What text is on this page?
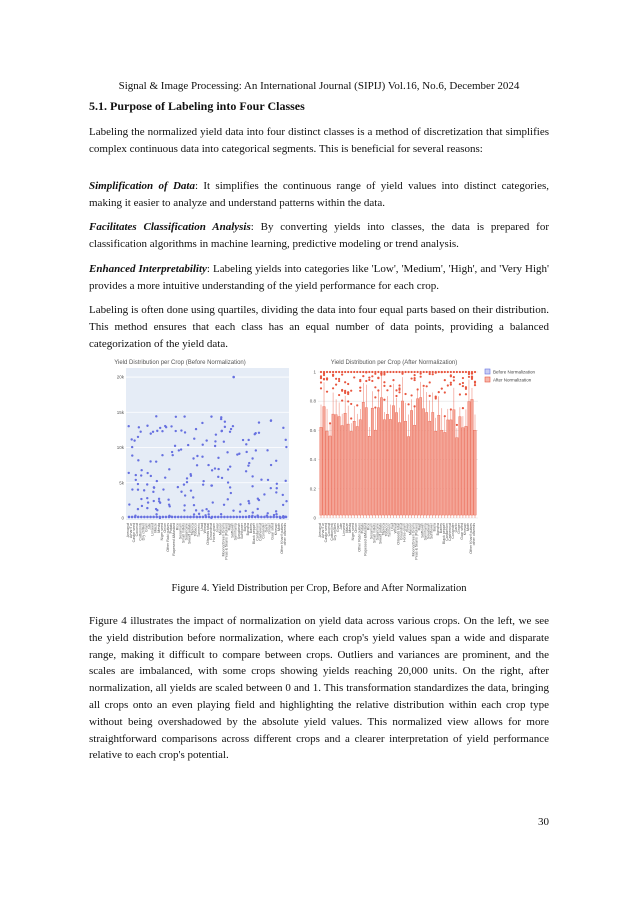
Signal & Image Processing: An International Journal (SIPIJ) Vol.16, No.6, December 2024
5.1. Purpose of Labeling into Four Classes

Labeling the normalized yield data into four distinct classes is a method of discretization that simplifies complex continuous data into categorical segments. This is beneficial for several reasons:

Simplification of Data: It simplifies the continuous range of yield values into distinct categories, making it easier to analyze and understand patterns within the data.

Facilitates Classification Analysis: By converting yields into classes, the data is prepared for classification algorithms in machine learning, predictive modeling or trend analysis.

Enhanced Interpretability: Labeling yields into categories like 'Low', 'Medium', 'High', and 'Very High' provides a more intuitive understanding of the yield performance for each crop.

Labeling is often done using quartiles, dividing the data into four equal parts based on their distribution. This method ensures that each class has an equal number of data points, providing a balanced categorization of the yield data.

Yield Distribution per Crop (Before Normalization)
0
5k
10k
15k
20k
Arecanut Arhar/Tur Castor seed Coconut Cotton(lint) Dry chillies Gram Jute Linseed Maize Mesta Niger seed Onion Other Rabi pulses Potato Rapeseed &Mustard Rice Sesamum Small millets Sugarcane Sweet potato Tapioca Tobacco Turmeric Urad Wheat Oilseeds total Groundnut Horse-gram Jowar Masoor Moong(Green Gram) Peas & beans (Pulses) Ragi Safflower Sannhamp Soyabean Sunflower Bajra Banana Barley Black pepper Cardamom Cashewnut Coriander Garlic Ginger Guar seed Khesari Moth Other Kharif pulses other oilseeds
Yield Distribution per Crop (After Normalization)
0
0.2
0.4
0.6
0.8
1
Arecanut Arhar/Tur Castor seed Coconut Cotton(lint) Dry chillies Gram Jute Linseed Maize Mesta Niger seed Onion Other Rabi pulses Potato Rapeseed &Mustard Rice Sesamum Small millets Sugarcane Sweet potato Tapioca Tobacco Turmeric Urad Wheat Oilseeds total Groundnut Horse-gram Jowar Masoor Moong(Green Gram) Peas & beans (Pulses) Ragi Safflower Sannhamp Soyabean Sunflower Bajra Banana Barley Black pepper Cardamom Cashewnut Coriander Garlic Ginger Guar seed Khesari Moth Other Kharif pulses other oilseeds
Before Normalization
After Normalization
Figure 4. Yield Distribution per Crop, Before and After Normalization

Figure 4 illustrates the impact of normalization on yield data across various crops. On the left, we see the yield distribution before normalization, where each crop's yield values span a wide and disparate range, making it difficult to compare between crops. Outliers and variances are prominent, and the scales are imbalanced, with some crops showing yields reaching 20,000 units. On the right, after normalization, all yields are scaled between 0 and 1. This transformation standardizes the data, bringing all crops onto an even playing field and highlighting the relative distribution within each crop type without being overshadowed by the absolute yield values. This normalized view allows for more straightforward comparisons across different crops and a clearer interpretation of yield performance relative to each crop's potential.

30
